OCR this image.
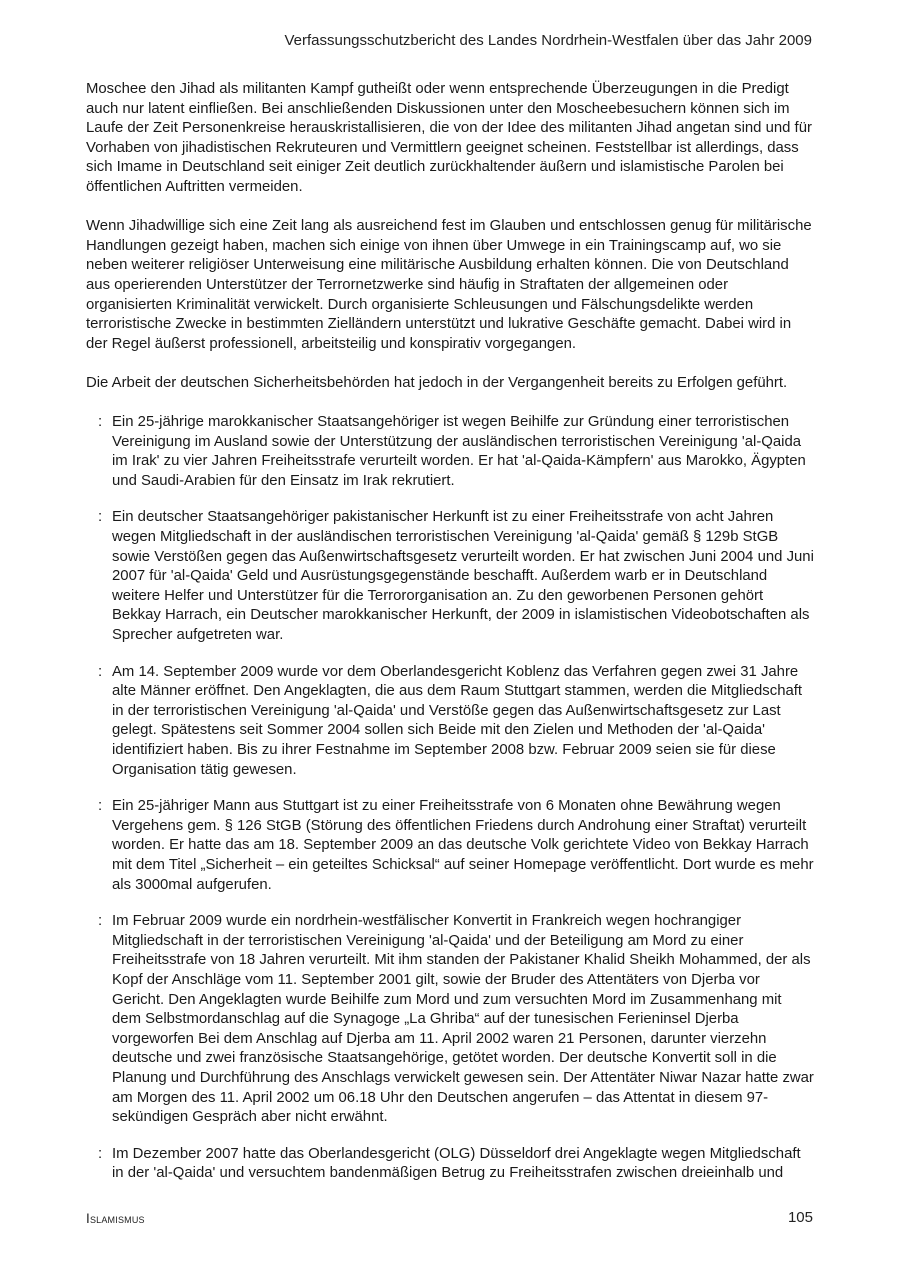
Verfassungsschutzbericht des Landes Nordrhein-Westfalen über das Jahr 2009

Moschee den Jihad als militanten Kampf gutheißt oder wenn entsprechende Überzeugungen in die Predigt auch nur latent einfließen. Bei anschließenden Diskussionen unter den Moscheebesuchern können sich im Laufe der Zeit Personenkreise herauskristallisieren, die von der Idee des militanten Jihad angetan sind und für Vorhaben von jihadistischen Rekruteuren und Vermittlern geeignet scheinen. Feststellbar ist allerdings, dass sich Imame in Deutschland seit einiger Zeit deutlich zurückhaltender äußern und islamistische Parolen bei öffentlichen Auftritten vermeiden.

Wenn Jihadwillige sich eine Zeit lang als ausreichend fest im Glauben und entschlossen genug für militärische Handlungen gezeigt haben, machen sich einige von ihnen über Umwege in ein Trainingscamp auf, wo sie neben weiterer religiöser Unterweisung eine militärische Ausbildung erhalten können. Die von Deutschland aus operierenden Unterstützer der Terrornetzwerke sind häufig in Straftaten der allgemeinen oder organisierten Kriminalität verwickelt. Durch organisierte Schleusungen und Fälschungsdelikte werden terroristische Zwecke in bestimmten Zielländern unterstützt und lukrative Geschäfte gemacht. Dabei wird in der Regel äußerst professionell, arbeitsteilig und konspirativ vorgegangen.

Die Arbeit der deutschen Sicherheitsbehörden hat jedoch in der Vergangenheit bereits zu Erfolgen geführt.

: Ein 25-jährige marokkanischer Staatsangehöriger ist wegen Beihilfe zur Gründung einer terroristischen Vereinigung im Ausland sowie der Unterstützung der ausländischen terroristischen Vereinigung 'al-Qaida im Irak' zu vier Jahren Freiheitsstrafe verurteilt worden. Er hat 'al-Qaida-Kämpfern' aus Marokko, Ägypten und Saudi-Arabien für den Einsatz im Irak rekrutiert.
: Ein deutscher Staatsangehöriger pakistanischer Herkunft ist zu einer Freiheitsstrafe von acht Jahren wegen Mitgliedschaft in der ausländischen terroristischen Vereinigung 'al-Qaida' gemäß § 129b StGB sowie Verstößen gegen das Außenwirtschaftsgesetz verurteilt worden. Er hat zwischen Juni 2004 und Juni 2007 für 'al-Qaida' Geld und Ausrüstungsgegenstände beschafft. Außerdem warb er in Deutschland weitere Helfer und Unterstützer für die Terrororganisation an. Zu den geworbenen Personen gehört Bekkay Harrach, ein Deutscher marokkanischer Herkunft, der 2009 in islamistischen Videobotschaften als Sprecher aufgetreten war.
: Am 14. September 2009 wurde vor dem Oberlandesgericht Koblenz das Verfahren gegen zwei 31 Jahre alte Männer eröffnet. Den Angeklagten, die aus dem Raum Stuttgart stammen, werden die Mitgliedschaft in der terroristischen Vereinigung 'al-Qaida' und Verstöße gegen das Außenwirtschaftsgesetz zur Last gelegt. Spätestens seit Sommer 2004 sollen sich Beide mit den Zielen und Methoden der 'al-Qaida' identifiziert haben. Bis zu ihrer Festnahme im September 2008 bzw. Februar 2009 seien sie für diese Organisation tätig gewesen.
: Ein 25-jähriger Mann aus Stuttgart ist zu einer Freiheitsstrafe von 6 Monaten ohne Bewährung wegen Vergehens gem. § 126 StGB (Störung des öffentlichen Friedens durch Androhung einer Straftat) verurteilt worden. Er hatte das am 18. September 2009 an das deutsche Volk gerichtete Video von Bekkay Harrach mit dem Titel „Sicherheit – ein geteiltes Schicksal“ auf seiner Homepage veröffentlicht. Dort wurde es mehr als 3000mal aufgerufen.
: Im Februar 2009 wurde ein nordrhein-westfälischer Konvertit in Frankreich wegen hochrangiger Mitgliedschaft in der terroristischen Vereinigung 'al-Qaida' und der Beteiligung am Mord zu einer Freiheitsstrafe von 18 Jahren verurteilt. Mit ihm standen der Pakistaner Khalid Sheikh Mohammed, der als Kopf der Anschläge vom 11. September 2001 gilt, sowie der Bruder des Attentäters von Djerba vor Gericht. Den Angeklagten wurde Beihilfe zum Mord und zum versuchten Mord im Zusammenhang mit dem Selbstmordanschlag auf die Synagoge „La Ghriba“ auf der tunesischen Ferieninsel Djerba vorgeworfen Bei dem Anschlag auf Djerba am 11. April 2002 waren 21 Personen, darunter vierzehn deutsche und zwei französische Staatsangehörige, getötet worden. Der deutsche Konvertit soll in die Planung und Durchführung des Anschlags verwickelt gewesen sein. Der Attentäter Niwar Nazar hatte zwar am Morgen des 11. April 2002 um 06.18 Uhr den Deutschen angerufen – das Attentat in diesem 97-sekündigen Gespräch aber nicht erwähnt.
: Im Dezember 2007 hatte das Oberlandesgericht (OLG) Düsseldorf drei Angeklagte wegen Mitgliedschaft in der 'al-Qaida' und versuchtem bandenmäßigen Betrug zu Freiheitsstrafen zwischen dreieinhalb und
Islamismus	105
